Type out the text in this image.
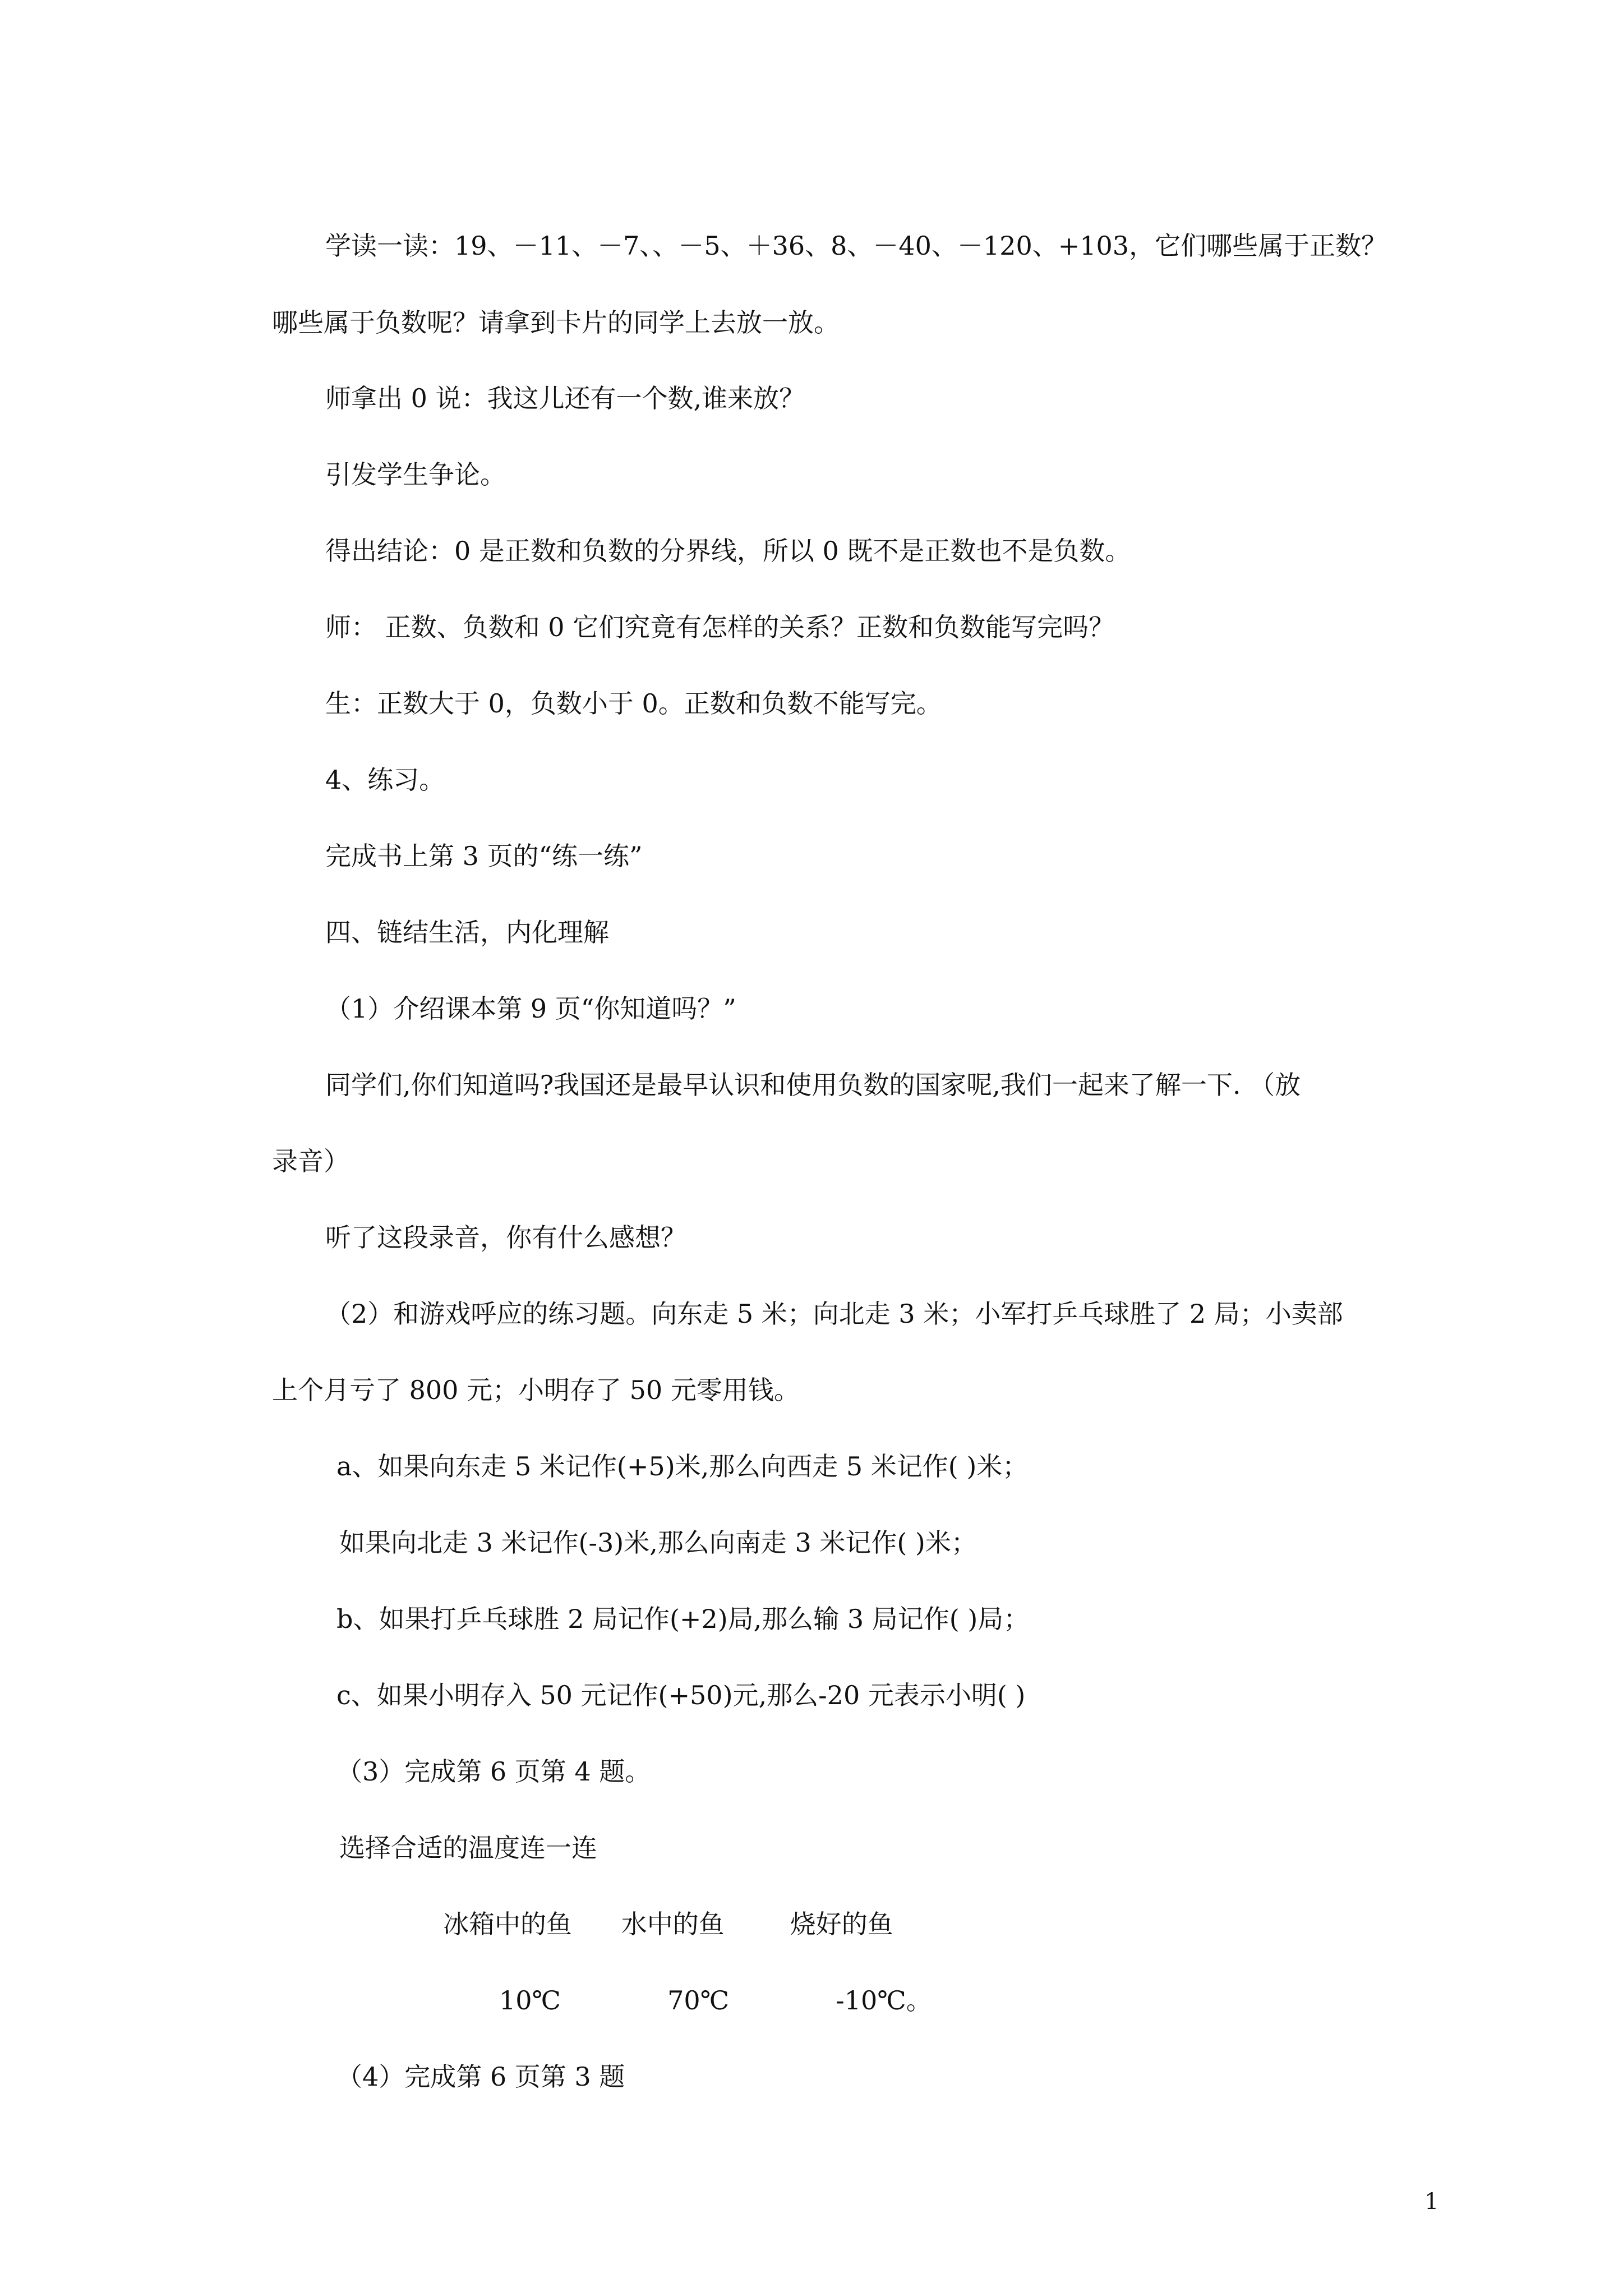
学读一读：19、－11、－7、、－5、＋36、8、－40、－120、+103，它们哪些属于正数？
哪些属于负数呢？请拿到卡片的同学上去放一放。
师拿出 0 说：我这儿还有一个数,谁来放？
引发学生争论。
得出结论：0 是正数和负数的分界线，所以 0 既不是正数也不是负数。
师： 正数、负数和 0 它们究竟有怎样的关系？正数和负数能写完吗？
生：正数大于 0，负数小于 0。正数和负数不能写完。
4、练习。
完成书上第 3 页的“练一练”
四、链结生活，内化理解
（1）介绍课本第 9 页“你知道吗？”
同学们,你们知道吗?我国还是最早认识和使用负数的国家呢,我们一起来了解一下. （放
录音）
听了这段录音，你有什么感想？
（2）和游戏呼应的练习题。向东走 5 米；向北走 3 米；小军打乒乓球胜了 2 局；小卖部
上个月亏了 800 元；小明存了 50 元零用钱。
a、如果向东走 5 米记作(+5)米,那么向西走 5 米记作( )米；
如果向北走 3 米记作(-3)米,那么向南走 3 米记作( )米；
b、如果打乒乓球胜 2 局记作(+2)局,那么输 3 局记作( )局；
c、如果小明存入 50 元记作(+50)元,那么-20 元表示小明( )
（3）完成第 6 页第 4 题。
选择合适的温度连一连
冰箱中的鱼      水中的鱼        烧好的鱼
10℃             70℃             -10℃。
（4）完成第 6 页第 3 题
1
